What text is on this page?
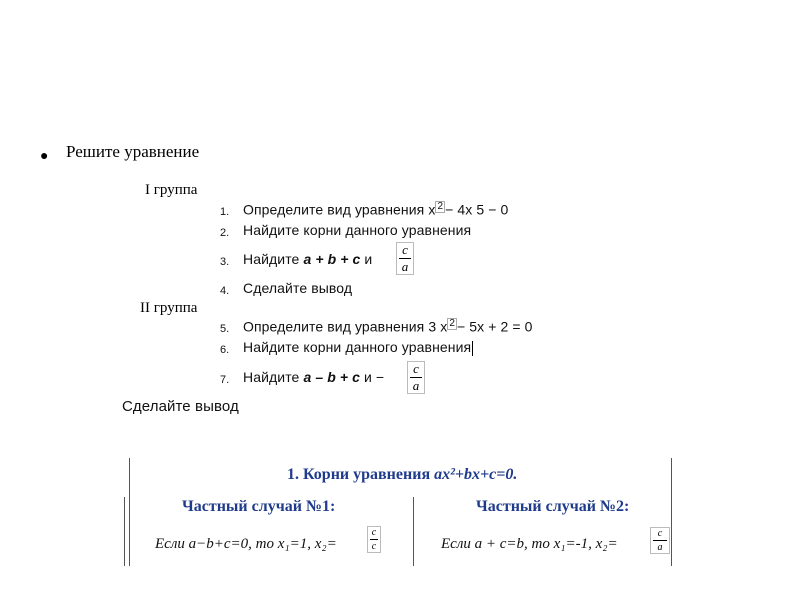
● Решите уравнение
I группа
1. Определите вид уравнения x 2 − 4x 5 − 0
2. Найдите корни данного уравнения
3. Найдите a + b + c и
c
a
4. Сделайте вывод
II группа
5. Определите вид уравнения 3 x 2 − 5x + 2 = 0
6. Найдите корни данного уравнения
7. Найдите a – b + c и −
c
a
Сделайте вывод
1. Корни уравнения ax²+bx+c=0.
Частный случай №1:	Частный случай №2:
Если a−b+c=0, то x₁=1, x₂=
c
c	Если a + c=b, то x₁=-1, x₂=
c
a
